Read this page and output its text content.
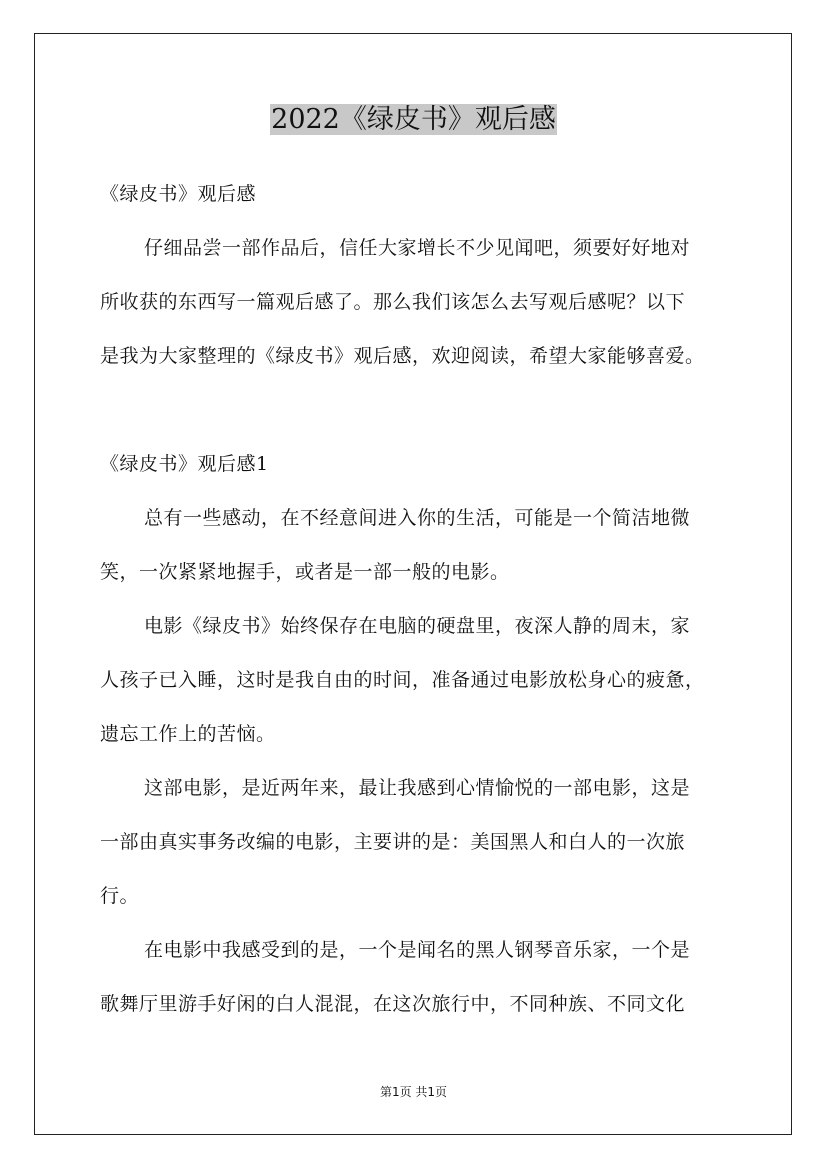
2022《绿皮书》观后感
《绿皮书》观后感
仔细品尝一部作品后，信任大家增长不少见闻吧，须要好好地对
所收获的东西写一篇观后感了。那么我们该怎么去写观后感呢？以下
是我为大家整理的《绿皮书》观后感，欢迎阅读，希望大家能够喜爱。
《绿皮书》观后感1
总有一些感动，在不经意间进入你的生活，可能是一个简洁地微
笑，一次紧紧地握手，或者是一部一般的电影。
电影《绿皮书》始终保存在电脑的硬盘里，夜深人静的周末，家
人孩子已入睡，这时是我自由的时间，准备通过电影放松身心的疲惫，
遗忘工作上的苦恼。
这部电影，是近两年来，最让我感到心情愉悦的一部电影，这是
一部由真实事务改编的电影，主要讲的是：美国黑人和白人的一次旅
行。
在电影中我感受到的是，一个是闻名的黑人钢琴音乐家，一个是
歌舞厅里游手好闲的白人混混，在这次旅行中，不同种族、不同文化
第1页 共1页
